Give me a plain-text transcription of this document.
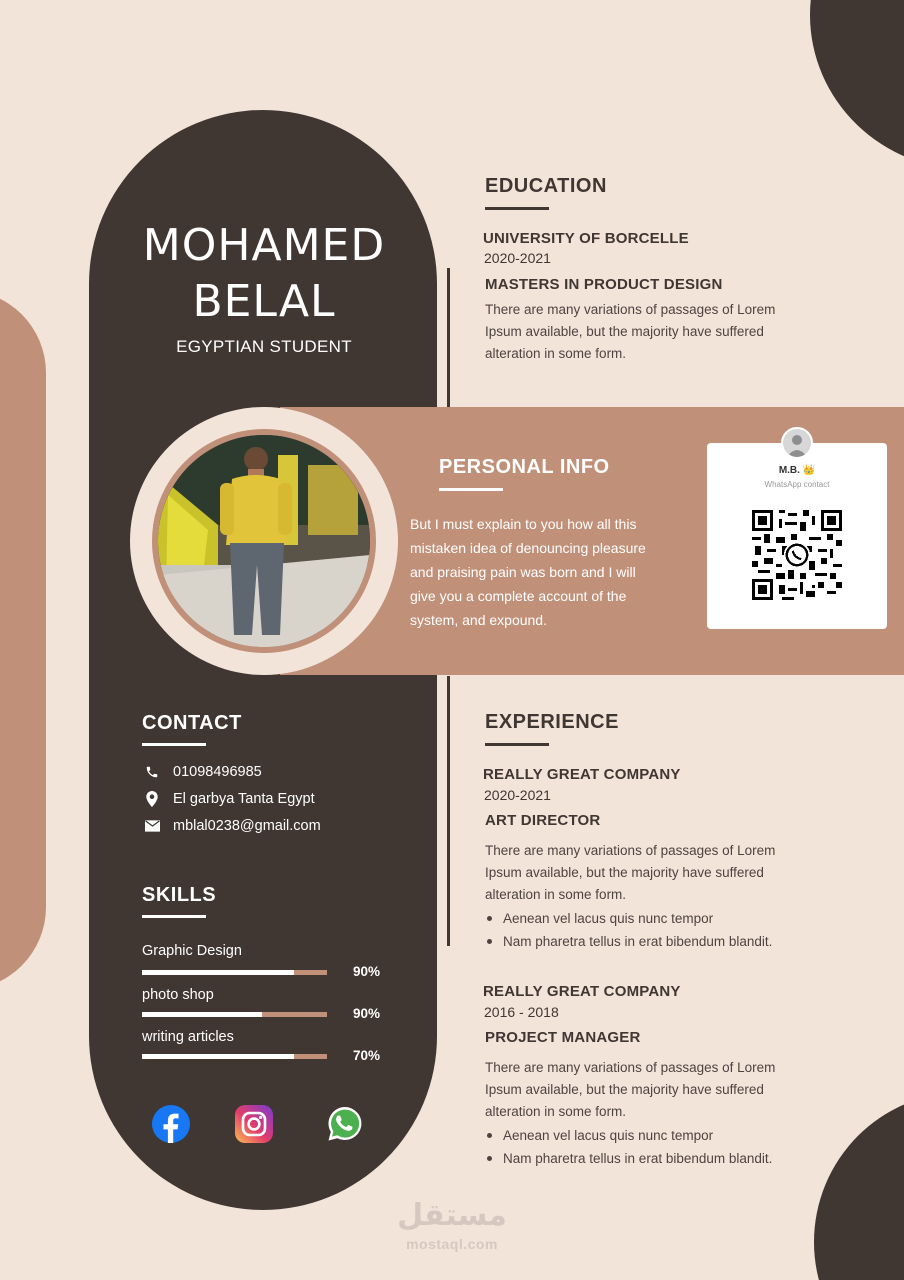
MOHAMED
BELAL
EGYPTIAN STUDENT
EDUCATION
UNIVERSITY OF BORCELLE
2020-2021
MASTERS IN PRODUCT DESIGN
There are many variations of passages of Lorem Ipsum available, but the majority have suffered alteration in some form.
PERSONAL INFO
But I must explain to you how all this mistaken idea of denouncing pleasure and praising pain was born and I will give you a complete account of the system, and expound.
M.B. 👑
WhatsApp contact
CONTACT
01098496985
El garbya Tanta Egypt
mblal0238@gmail.com
SKILLS
Graphic Design
90%
photo shop
90%
writing articles
70%
EXPERIENCE
REALLY GREAT COMPANY
2020-2021
ART DIRECTOR
There are many variations of passages of Lorem Ipsum available, but the majority have suffered alteration in some form.
Aenean vel lacus quis nunc tempor
Nam pharetra tellus in erat bibendum blandit.
REALLY GREAT COMPANY
2016 - 2018
PROJECT MANAGER
There are many variations of passages of Lorem Ipsum available, but the majority have suffered alteration in some form.
Aenean vel lacus quis nunc tempor
Nam pharetra tellus in erat bibendum blandit.
مستقل
mostaql.com
